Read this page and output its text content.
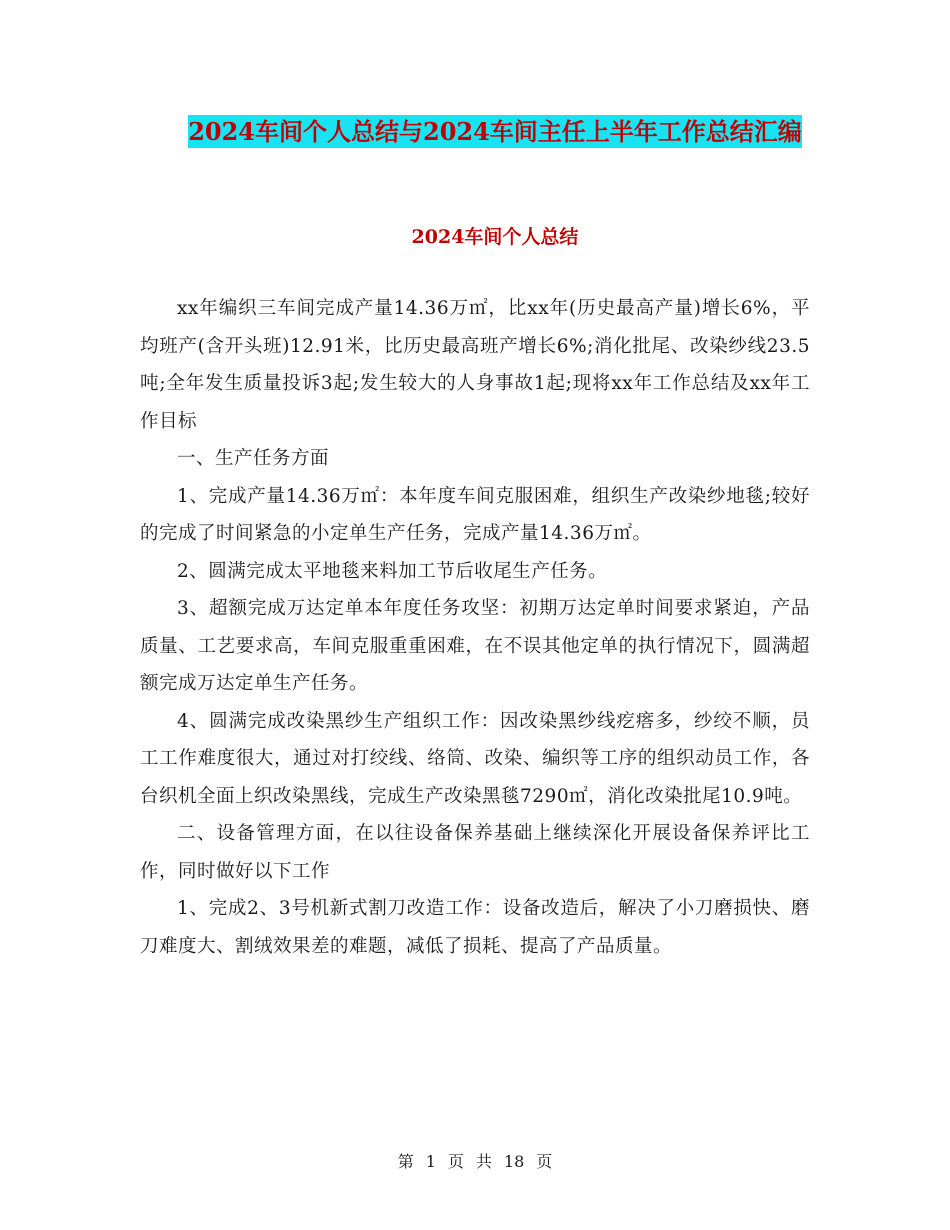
2024车间个人总结与2024车间主任上半年工作总结汇编
2024车间个人总结

xx年编织三车间完成产量14.36万㎡，比xx年(历史最高产量)增长6%，平均班产(含开头班)12.91米，比历史最高班产增长6%;消化批尾、改染纱线23.5吨;全年发生质量投诉3起;发生较大的人身事故1起;现将xx年工作总结及xx年工作目标

一、生产任务方面

1、完成产量14.36万㎡：本年度车间克服困难，组织生产改染纱地毯;较好的完成了时间紧急的小定单生产任务，完成产量14.36万㎡。

2、圆满完成太平地毯来料加工节后收尾生产任务。

3、超额完成万达定单本年度任务攻坚：初期万达定单时间要求紧迫，产品质量、工艺要求高，车间克服重重困难，在不误其他定单的执行情况下，圆满超额完成万达定单生产任务。

4、圆满完成改染黑纱生产组织工作：因改染黑纱线疙瘩多，纱绞不顺，员工工作难度很大，通过对打绞线、络筒、改染、编织等工序的组织动员工作，各台织机全面上织改染黑线，完成生产改染黑毯7290㎡，消化改染批尾10.9吨。

二、设备管理方面，在以往设备保养基础上继续深化开展设备保养评比工作，同时做好以下工作

1、完成2、3号机新式割刀改造工作：设备改造后，解决了小刀磨损快、磨刀难度大、割绒效果差的难题，减低了损耗、提高了产品质量。

第 1 页 共 18 页
